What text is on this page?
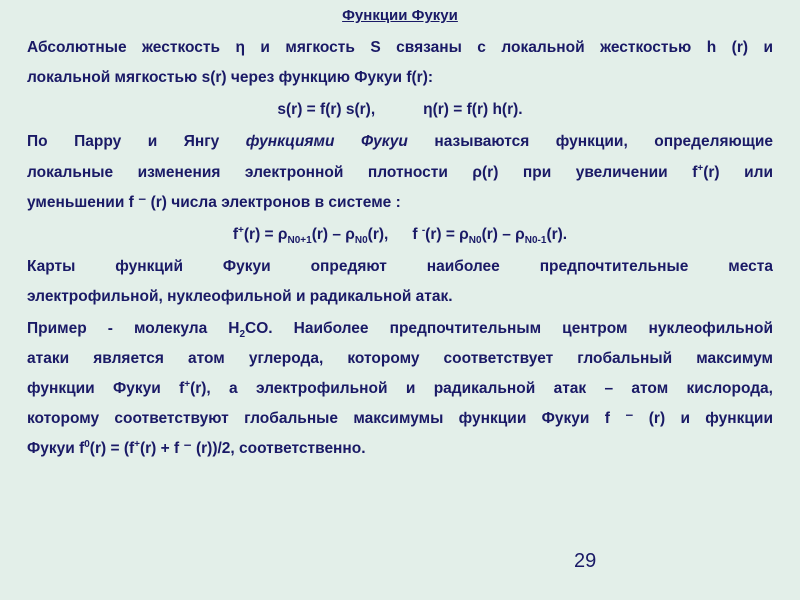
Функции Фукуи
Абсолютные жесткость η и мягкость S связаны с локальной жесткостью h (r) и
локальной мягкостью s(r) через функцию Фукуи f(r):
s(r) = f(r) s(r),	η(r) = f(r) h(r).
По Парру и Янгу функциями Фукуи называются функции, определяющие
локальные изменения электронной плотности ρ(r) при увеличении f+(r) или
уменьшении f ⁻ (r) числа электронов в системе :
$f^+(r) = \rho_{N0+1}(r) - \rho_{N0}(r)$, f $^-(r) = \rho_{N0}(r) - \rho_{N0-1}(r)$.
Карты функций Фукуи опредяют наиболее предпочтительные места
электрофильной, нуклеофильной и радикальной атак.
Пример - молекула $H_2CO$. Наиболее предпочтительным центром нуклеофильной
атаки является атом углерода, которому соответствует глобальный максимум
функции Фукуи f+(r), а электрофильной и радикальной атак – атом кислорода,
которому соответствуют глобальные максимумы функции Фукуи f ⁻ (r) и функции
Фукуи $f^0(r) = (f^+(r) + f$ ⁻ (r))/2, соответственно.
29
